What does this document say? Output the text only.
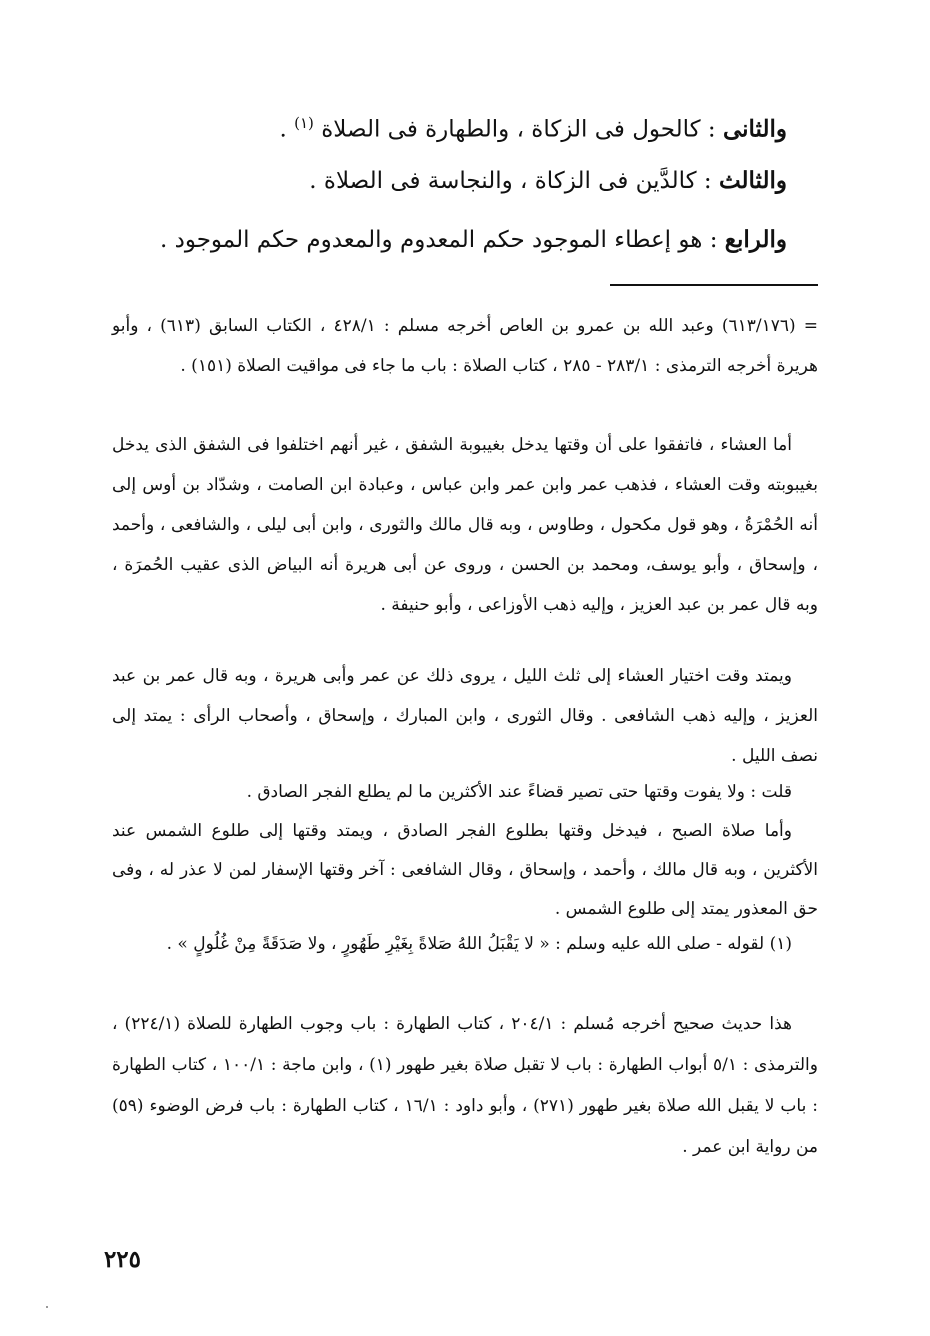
والثانى : كالحول فى الزكاة ، والطهارة فى الصلاة $^{(١)}$ .
والثالث : كالدَّين فى الزكاة ، والنجاسة فى الصلاة .
والرابع : هو إعطاء الموجود حكم المعدوم والمعدوم حكم الموجود .

= (٦١٣/١٧٦) وعبد الله بن عمرو بن العاص أخرجه مسلم : ٤٢٨/١ ، الكتاب السابق (٦١٣) ، وأبو هريرة أخرجه الترمذى : ٢٨٣/١ - ٢٨٥ ، كتاب الصلاة : باب ما جاء فى مواقيت الصلاة (١٥١) .

أما العشاء ، فاتفقوا على أن وقتها يدخل بغيبوبة الشفق ، غير أنهم اختلفوا فى الشفق الذى يدخل بغيبوبته وقت العشاء ، فذهب عمر وابن عمر وابن عباس ، وعبادة ابن الصامت ، وشدّاد بن أوس إلى أنه الحُمْرَةُ ، وهو قول مكحول ، وطاوس ، وبه قال مالك والثورى ، وابن أبى ليلى ، والشافعى ، وأحمد ، وإسحاق ، وأبو يوسف، ومحمد بن الحسن ، وروى عن أبى هريرة أنه البياض الذى عقيب الحُمرَة ، وبه قال عمر بن عبد العزيز ، وإليه ذهب الأوزاعى ، وأبو حنيفة .

ويمتد وقت اختيار العشاء إلى ثلث الليل ، يروى ذلك عن عمر وأبى هريرة ، وبه قال عمر بن عبد العزيز ، وإليه ذهب الشافعى . وقال الثورى ، وابن المبارك ، وإسحاق ، وأصحاب الرأى : يمتد إلى نصف الليل .

قلت : ولا يفوت وقتها حتى تصير قضاءً عند الأكثرين ما لم يطلع الفجر الصادق .

وأما صلاة الصبح ، فيدخل وقتها بطلوع الفجر الصادق ، ويمتد وقتها إلى طلوع الشمس عند الأكثرين ، وبه قال مالك ، وأحمد ، وإسحاق ، وقال الشافعى : آخر وقتها الإسفار لمن لا عذر له ، وفى حق المعذور يمتد إلى طلوع الشمس .

(١) لقوله - صلى الله عليه وسلم : « لا يَقْبَلُ اللهُ صَلاةً بِغَيْرِ طَهُورٍ ، ولا صَدَقَةً مِنْ غُلُولٍ » .

هذا حديث صحيح أخرجه مُسلم : ٢٠٤/١ ، كتاب الطهارة : باب وجوب الطهارة للصلاة (٢٢٤/١) ، والترمذى : ٥/١ أبواب الطهارة : باب لا تقبل صلاة بغير طهور (١) ، وابن ماجة : ١٠٠/١ ، كتاب الطهارة : باب لا يقبل الله صلاة بغير طهور (٢٧١) ، وأبو داود : ١٦/١ ، كتاب الطهارة : باب فرض الوضوء (٥٩) من رواية ابن عمر .

٢٢٥
